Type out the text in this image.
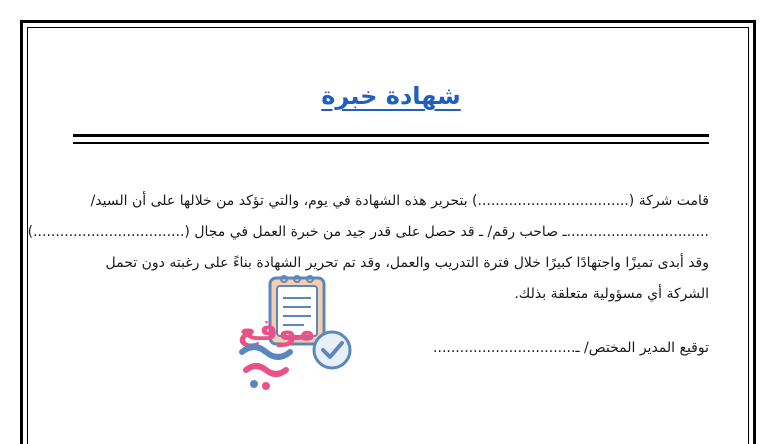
شهادة خبرة

قامت شركة (..................................) بتحرير هذه الشهادة في يوم، والتي تؤكد من خلالها على أن السيد/

................................ـ صاحب رقم/ ـ قد حصل على قدر جيد من خبرة العمل في مجال (..................................)

وقد أبدى تميزًا واجتهادًا كبيرًا خلال فترة التدريب والعمل، وقد تم تحرير الشهادة بناءً على رغبته دون تحمل

الشركة أي مسؤولية متعلقة بذلك.

موقع	توقيع المدير المختص/ ـ................................
